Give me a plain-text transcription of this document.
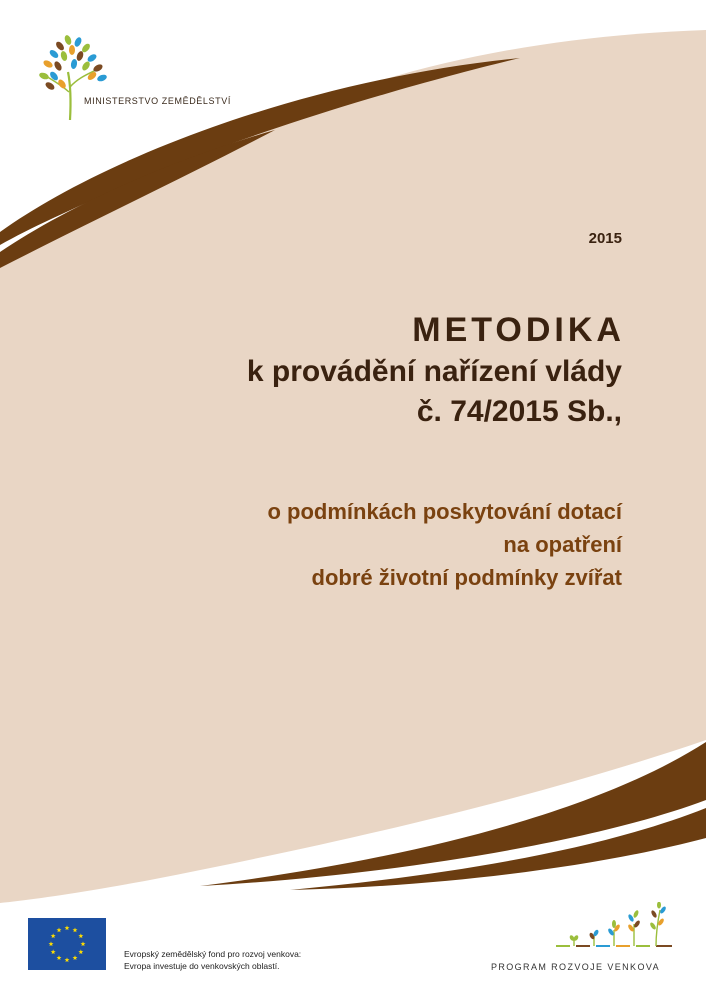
MINISTERSTVO ZEMĚDĚLSTVÍ
2015
METODIKA
k provádění nařízení vlády
č. 74/2015 Sb.,
o podmínkách poskytování dotací
na opatření
dobré životní podmínky zvířat
Evropský zemědělský fond pro rozvoj venkova:
Evropa investuje do venkovských oblastí.	PROGRAM ROZVOJE VENKOVA
